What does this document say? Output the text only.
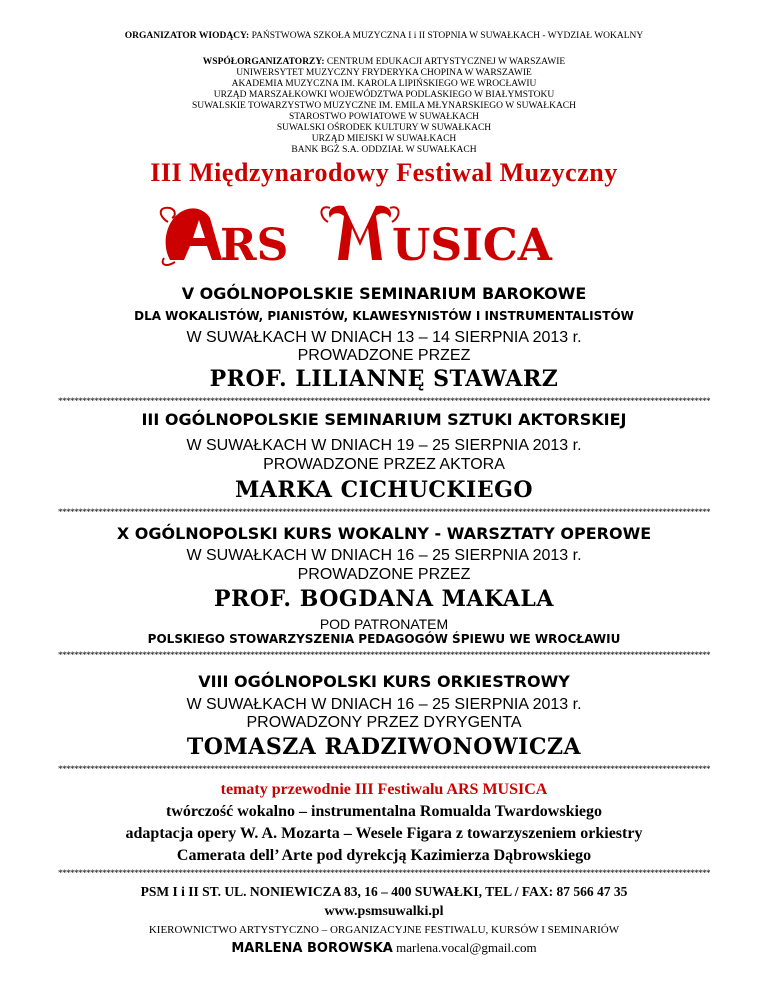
ORGANIZATOR WIODĄCY: PAŃSTWOWA SZKOŁA MUZYCZNA I i II STOPNIA W SUWAŁKACH - WYDZIAŁ WOKALNY
WSPÓŁORGANIZATORZY: CENTRUM EDUKACJI ARTYSTYCZNEJ W WARSZAWIE
UNIWERSYTET MUZYCZNY FRYDERYKA CHOPINA W WARSZAWIE
AKADEMIA MUZYCZNA IM. KAROLA LIPIŃSKIEGO WE WROCŁAWIU
URZĄD MARSZAŁKOWKI WOJEWÓDZTWA PODLASKIEGO W BIAŁYMSTOKU
SUWALSKIE TOWARZYSTWO MUZYCZNE IM. EMILA MŁYNARSKIEGO W SUWAŁKACH
STAROSTWO POWIATOWE W SUWAŁKACH
SUWALSKI OŚRODEK KULTURY W SUWAŁKACH
URZĄD MIEJSKI W SUWAŁKACH
BANK BGŻ S.A. ODDZIAŁ W SUWAŁKACH
III Międzynarodowy Festiwal Muzyczny
RS USICA
V OGÓLNOPOLSKIE SEMINARIUM BAROKOWE
DLA WOKALISTÓW, PIANISTÓW, KLAWESYNISTÓW I INSTRUMENTALISTÓW
W SUWAŁKACH W DNIACH 13 – 14 SIERPNIA 2013 r.
PROWADZONE PRZEZ
PROF. LILIANNĘ STAWARZ
*******************************************************************************************************************************************************************
III OGÓLNOPOLSKIE SEMINARIUM SZTUKI AKTORSKIEJ
W SUWAŁKACH W DNIACH 19 – 25 SIERPNIA 2013 r.
PROWADZONE PRZEZ AKTORA
MARKA CICHUCKIEGO
*******************************************************************************************************************************************************************
X OGÓLNOPOLSKI KURS WOKALNY - WARSZTATY OPEROWE
W SUWAŁKACH W DNIACH 16 – 25 SIERPNIA 2013 r.
PROWADZONE PRZEZ
PROF. BOGDANA MAKALA
POD PATRONATEM
POLSKIEGO STOWARZYSZENIA PEDAGOGÓW ŚPIEWU WE WROCŁAWIU
*******************************************************************************************************************************************************************
VIII OGÓLNOPOLSKI KURS ORKIESTROWY
W SUWAŁKACH W DNIACH 16 – 25 SIERPNIA 2013 r.
PROWADZONY PRZEZ DYRYGENTA
TOMASZA RADZIWONOWICZA
*******************************************************************************************************************************************************************
tematy przewodnie III Festiwalu ARS MUSICA
twórczość wokalno – instrumentalna Romualda Twardowskiego
adaptacja opery W. A. Mozarta – Wesele Figara z towarzyszeniem orkiestry
Camerata dell’ Arte pod dyrekcją Kazimierza Dąbrowskiego
*******************************************************************************************************************************************************************
PSM I i II ST. UL. NONIEWICZA 83, 16 – 400 SUWAŁKI, TEL / FAX: 87 566 47 35
www.psmsuwalki.pl
KIEROWNICTWO ARTYSTYCZNO – ORGANIZACYJNE FESTIWALU, KURSÓW I SEMINARIÓW
MARLENA BOROWSKA marlena.vocal@gmail.com
